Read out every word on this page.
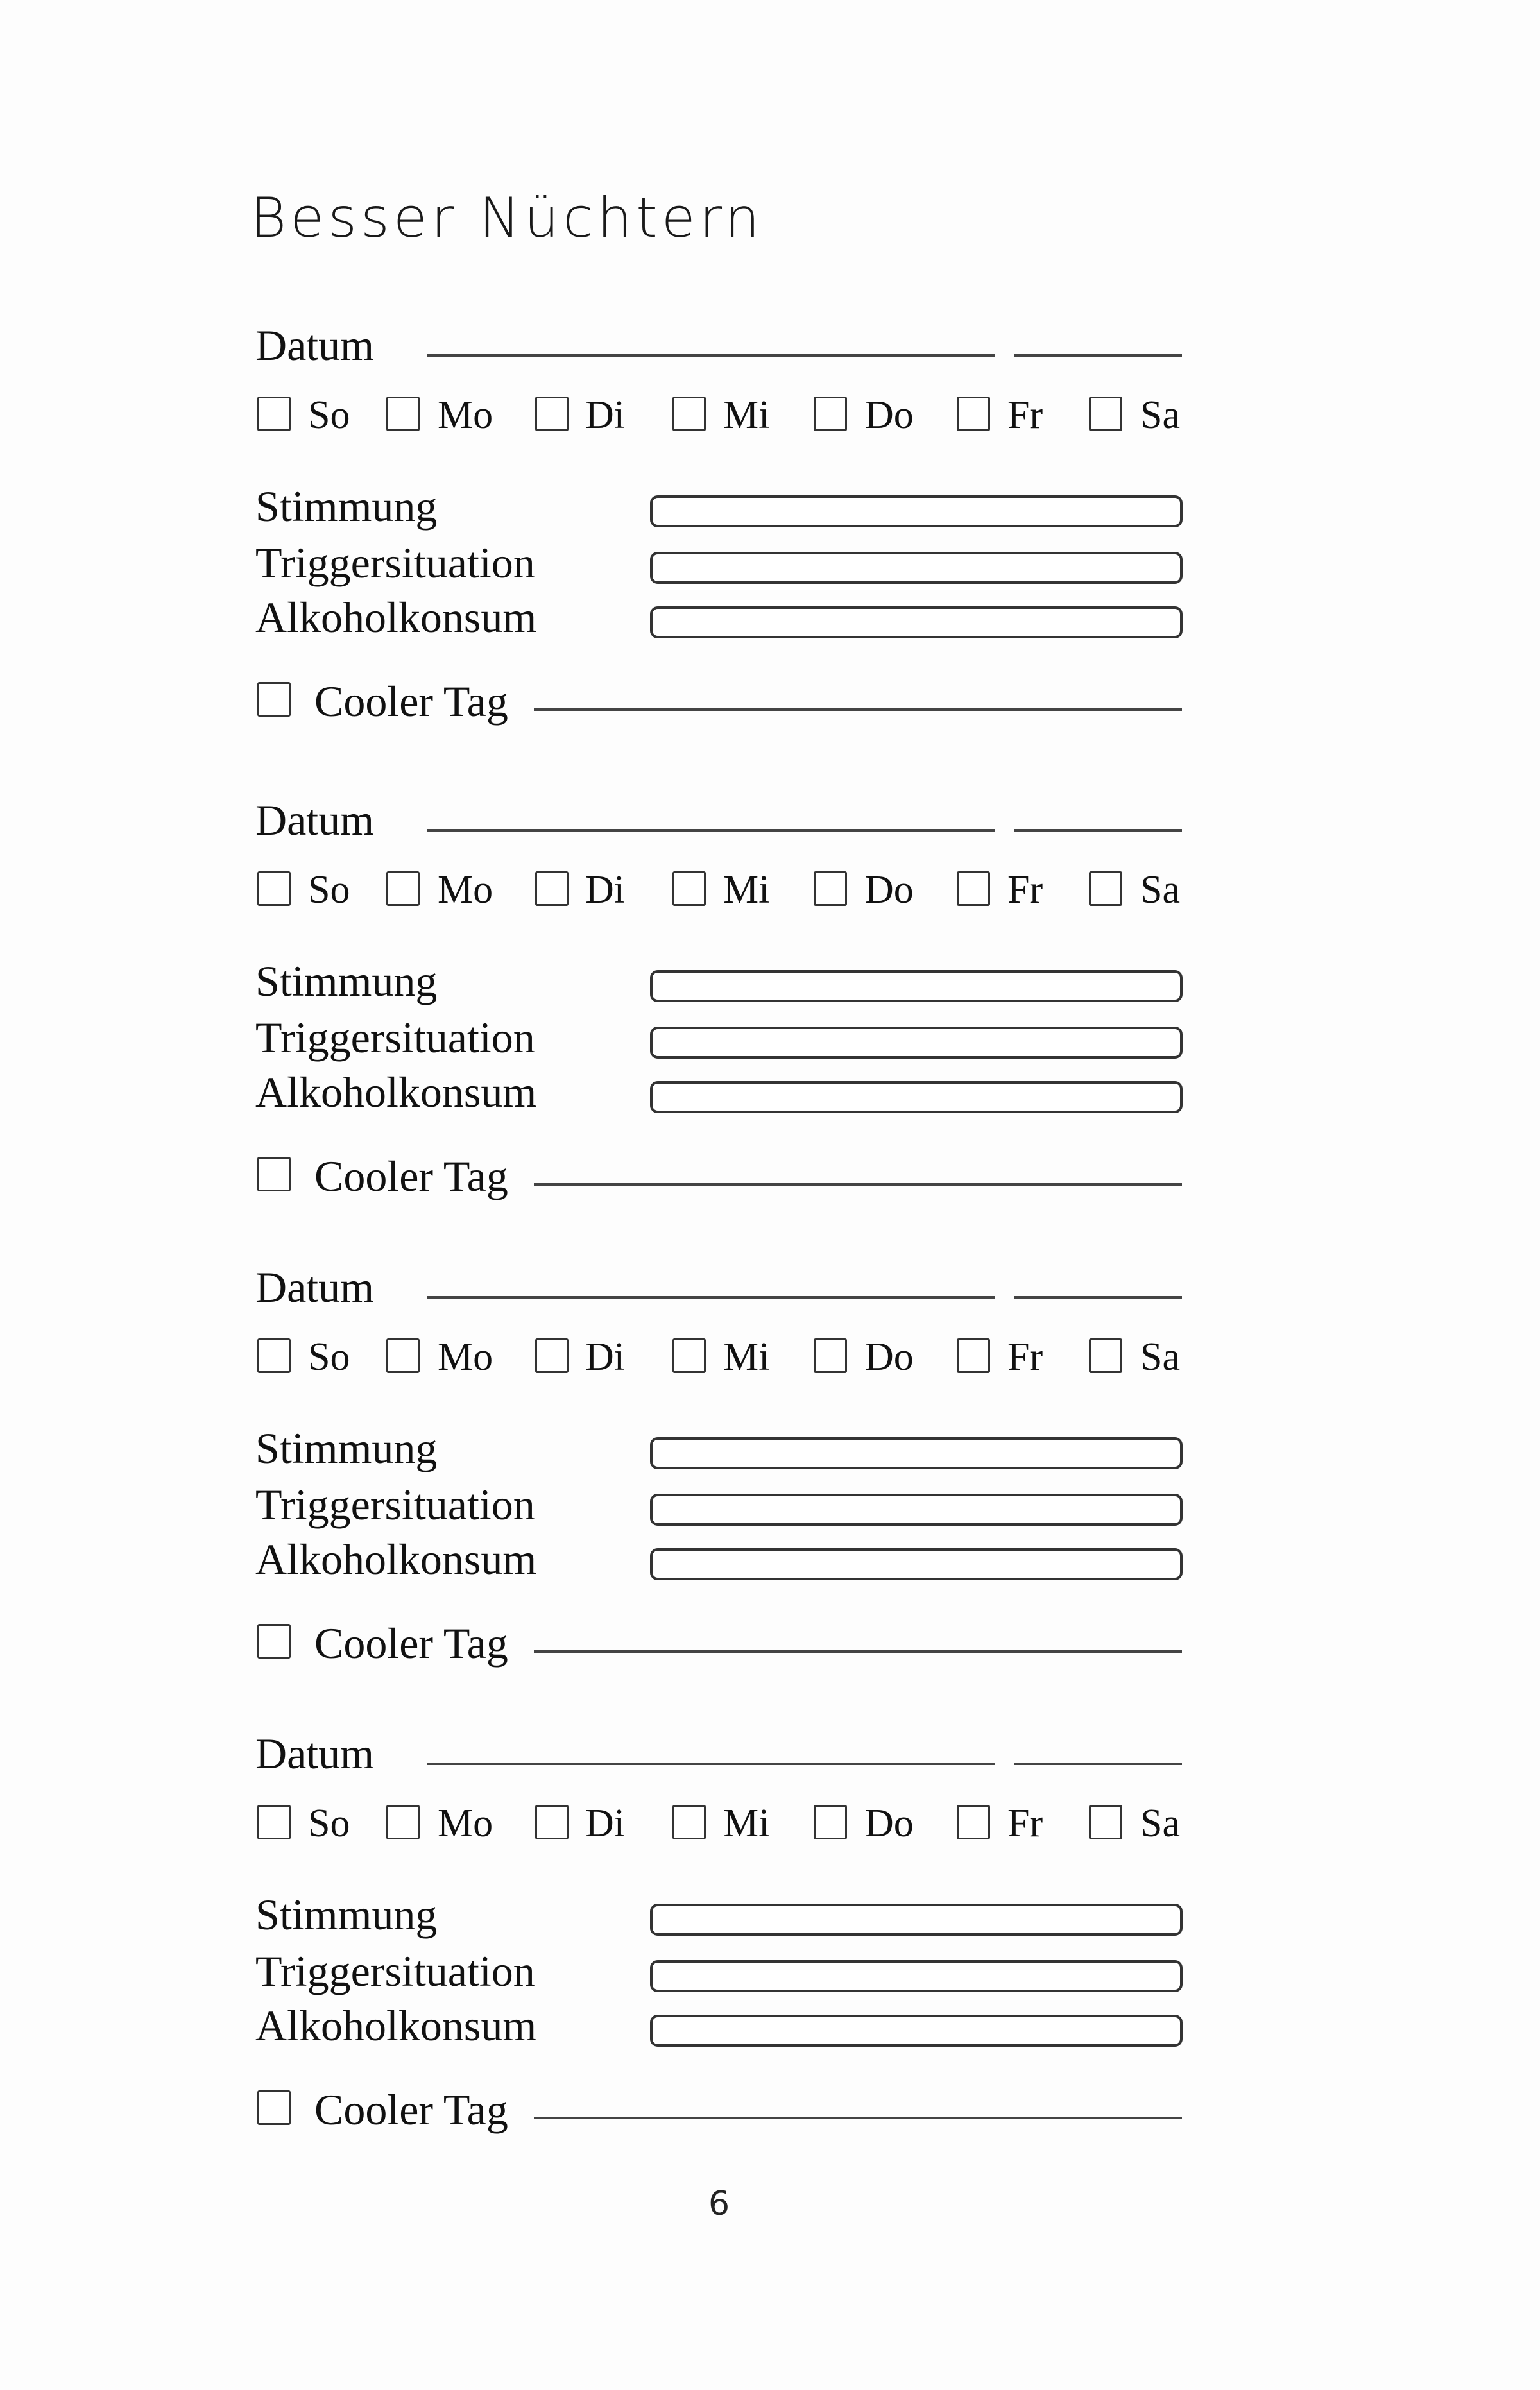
Besser Nüchtern
Datum
So Mo Di Mi Do Fr Sa
Stimmung
Triggersituation
Alkoholkonsum
Cooler Tag
Datum
So Mo Di Mi Do Fr Sa
Stimmung
Triggersituation
Alkoholkonsum
Cooler Tag
Datum
So Mo Di Mi Do Fr Sa
Stimmung
Triggersituation
Alkoholkonsum
Cooler Tag
Datum
So Mo Di Mi Do Fr Sa
Stimmung
Triggersituation
Alkoholkonsum
Cooler Tag
6
